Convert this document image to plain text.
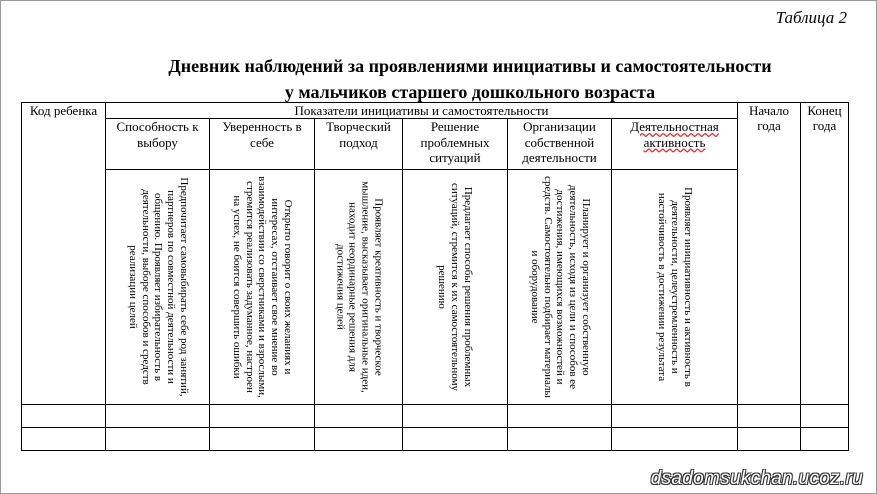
Таблица 2
Дневник наблюдений за проявлениями инициативы и самостоятельности
у мальчиков старшего дошкольного возраста
Код ребенка	Показатели инициативы и самостоятельности						Начало года	Конец года
	Способность к выбору	Уверенность в себе	Творческий подход	Решение проблемных ситуаций	Организации собственной деятельности	Деятельностная активность		

	Предпочитает самовыбирать себе род занятий, партнеров по совместной деятельности и общению. Проявляет избирательность в деятельности, выборе способов и средств реализации целей	Открыто говорит о своих желаниях и интересах, отстаивает свое мнение во взаимодействии со сверстниками и взрослыми, стремится реализовать задуманное, настроен на успех, не боится совершить ошибки	Проявляет креативность и творческое мышление, высказывает оригинальные идеи, находит неординарные решения для достижения целей	Предлагает способы решения проблемных ситуаций, стремится к их самостоятельному решению	Планирует и организует собственную деятельность, исходя из цели и способов ее достижения, имеющихся возможностей и средств. Самостоятельно подбирает материалы и оборудование	Проявляет инициативность и активность в деятельности, целеустремленность и настойчивость в достижении результата		

dsadomsukchan.ucoz.ru
